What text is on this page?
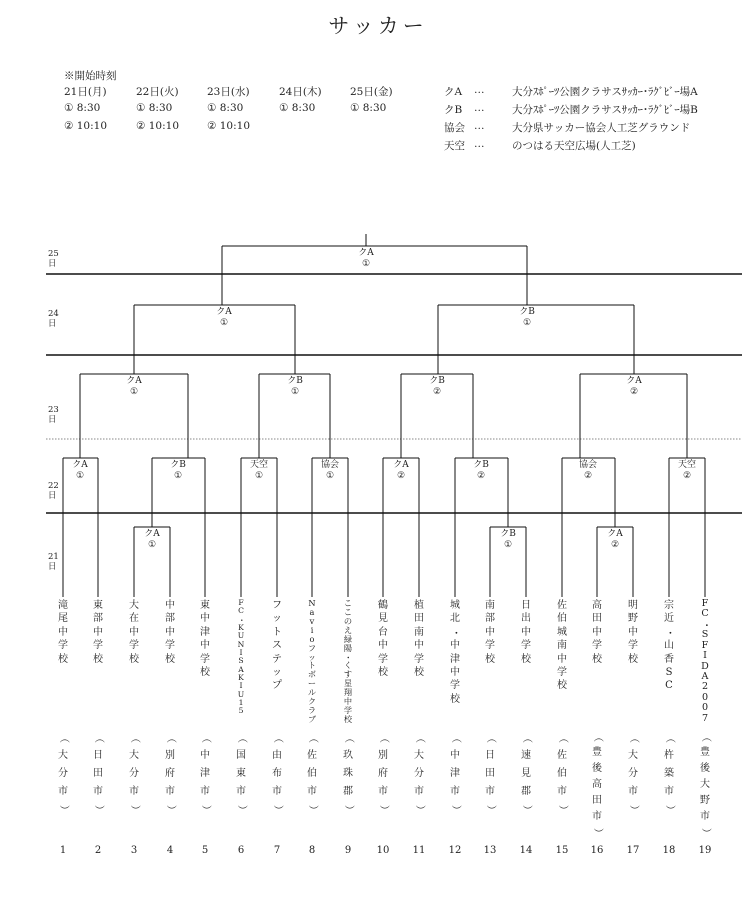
サッカー
※開始時刻
21日(月)
① 8:30
② 10:10
22日(火)
① 8:30
② 10:10
23日(水)
① 8:30
② 10:10
24日(木)
① 8:30
25日(金)
① 8:30
クA …	大分ｽﾎﾟｰﾂ公園クラサスｻｯｶｰ･ﾗｸﾞﾋﾞｰ場A
クB …	大分ｽﾎﾟｰﾂ公園クラサスｻｯｶｰ･ﾗｸﾞﾋﾞｰ場B
協会 …	大分県サッカー協会人工芝グラウンド
天空 …	のつはる天空広場(人工芝)
25
日
24
日
23
日
22
日
21
日
クA
①
クA
①
クB
①
クA
①
クB
①
クB
②
クA
②
クA
①
クB
①
天空
①
協会
①
クA
②
クB
②
協会
②
天空
②
クA
①
クB
①
クA
②
滝
尾
中
学
校
東
部
中
学
校
大
在
中
学
校
中
部
中
学
校
東
中
津
中
学
校
F
C
・
K
U
N
I
S
A
K
I
U
1
5
フ
ッ
ト
ス
テ
ッ
プ
N
a
v
i
o
フ
ッ
ト
ボ
ー
ル
ク
ラ
ブ
こ
こ
の
え
緑
陽
・
く
す
星
翔
中
学
校
鶴
見
台
中
学
校
植
田
南
中
学
校
城
北
・
中
津
中
学
校
南
部
中
学
校
日
出
中
学
校
佐
伯
城
南
中
学
校
高
田
中
学
校
明
野
中
学
校
宗
近
・
山
香
S
C
F
C
・
S
F
I
D
A
2
0
0
7
（
大
分
市
）
（
日
田
市
）
（
大
分
市
）
（
別
府
市
）
（
中
津
市
）
（
国
東
市
）
（
由
布
市
）
（
佐
伯
市
）
（
玖
珠
郡
）
（
別
府
市
）
（
大
分
市
）
（
中
津
市
）
（
日
田
市
）
（
速
見
郡
）
（
佐
伯
市
）
（
豊
後
高
田
市
）
（
大
分
市
）
（
杵
築
市
）
（
豊
後
大
野
市
）
1	2	3	4	5	6	7	8	9	10	11	12	13	14	15	16	17	18	19
